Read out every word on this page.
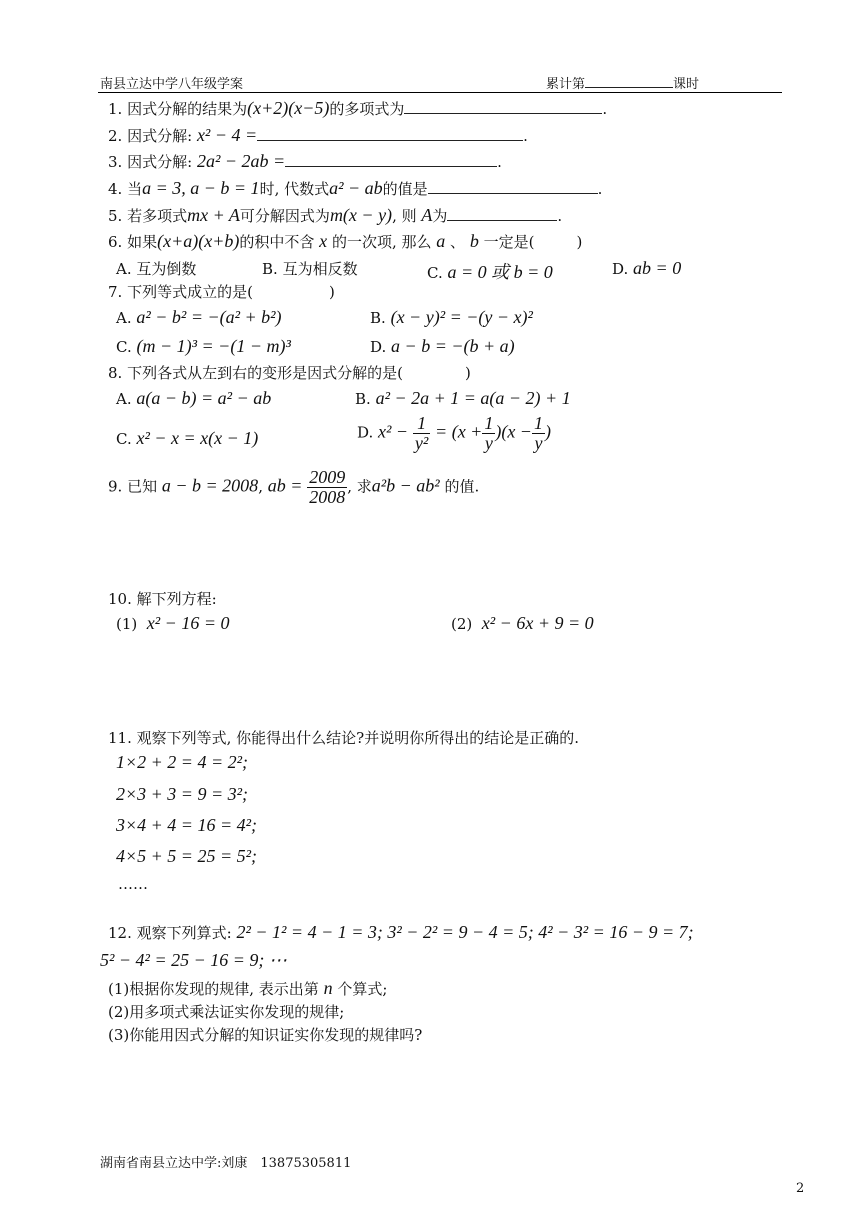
南县立达中学八年级学案	累计第	课时
1. 因式分解的结果为(x+2)(x−5)的多项式为	.
2. 因式分解: x² − 4 =	.
3. 因式分解: 2a² − 2ab =	.
4. 当a = 3, a − b = 1时, 代数式a² − ab的值是	.
5. 若多项式mx + A可分解因式为m(x − y), 则 A为	.
6. 如果(x+a)(x+b)的积中不含 x 的一次项, 那么 a 、 b 一定是(	)
A. 互为倒数	B. 互为相反数	C. a = 0 或 b = 0	D. ab = 0
7. 下列等式成立的是(	)
A. a² − b² = −(a² + b²)	B. (x − y)² = −(y − x)²
C. (m − 1)³ = −(1 − m)³	D. a − b = −(b + a)
8. 下列各式从左到右的变形是因式分解的是(	)
A. a(a − b) = a² − ab	B. a² − 2a + 1 = a(a − 2) + 1
C. x² − x = x(x − 1)	D. $x^2 - \frac{1}{\text{y²}} = (x + \frac{1}{y} )(x - \frac{1}{y}$ )
9. 已知 a − b = 2008, ab = $\frac{2009}{2008}$ , 求a²b − ab² 的值.
10. 解下列方程:
(1) x² − 16 = 0	(2) x² − 6x + 9 = 0
11. 观察下列等式, 你能得出什么结论?并说明你所得出的结论是正确的.
1×2 + 2 = 4 = 2²;
2×3 + 3 = 9 = 3²;
3×4 + 4 = 16 = 4²;
4×5 + 5 = 25 = 5²;
……
12. 观察下列算式: 2² − 1² = 4 − 1 = 3; 3² − 2² = 9 − 4 = 5; 4² − 3² = 16 − 9 = 7;
5² − 4² = 25 − 16 = 9; ⋯
(1)根据你发现的规律, 表示出第 n 个算式;
(2)用多项式乘法证实你发现的规律;
(3)你能用因式分解的知识证实你发现的规律吗?
湖南省南县立达中学:刘康　13875305811
2
